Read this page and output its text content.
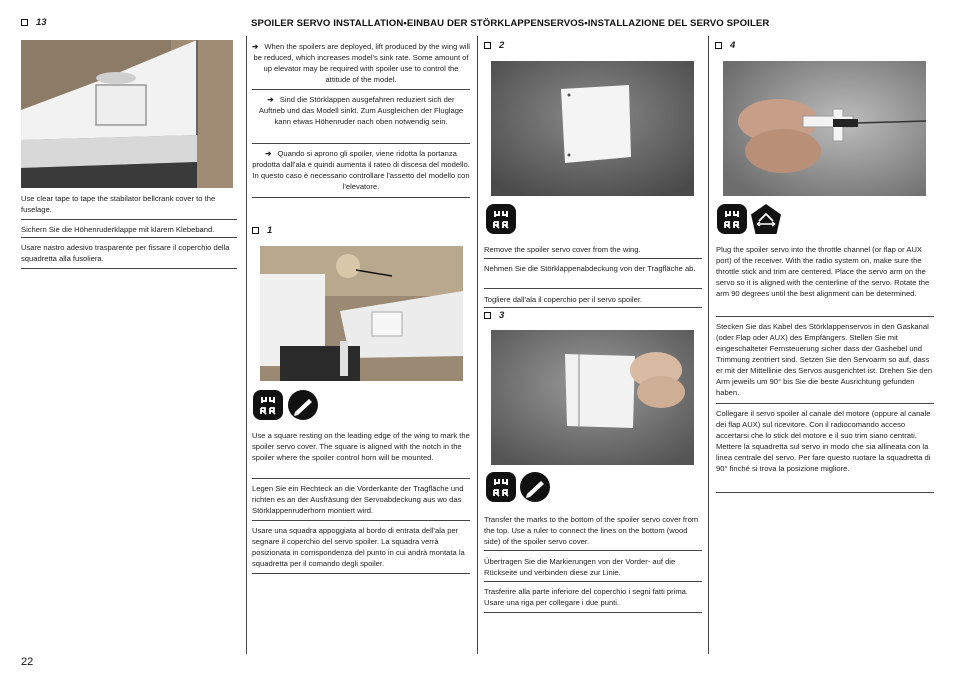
SPOILER SERVO INSTALLATION•EINBAU DER STÖRKLAPPENSERVOS•INSTALLAZIONE DEL SERVO SPOILER
13
Use clear tape to tape the stabilator bellcrank cover to the fuselage.
Sichern Sie die Höhenruderklappe mit klarem Klebeband.
Usare nastro adesivo trasparente per fissare il coperchio della squadretta alla fusoliera.
➔ When the spoilers are deployed, lift produced by the wing will be reduced, which increases model's sink rate. Some amount of up elevator may be required with spoiler use to control the attitude of the model.
➔ Sind die Störklappen ausgefahren reduziert sich der Auftrieb und das Modell sinkt. Zum Ausgleichen der Fluglage kann etwas Höhenruder nach oben notwendig sein.
➔ Quando si aprono gli spoiler, viene ridotta la portanza prodotta dall'ala e quindi aumenta il rateo di discesa del modello. In questo caso è necessario controllare l'assetto del modello con l'elevatore.
1
Use a square resting on the leading edge of the wing to mark the spoiler servo cover. The square is aligned with the notch in the spoiler where the spoiler control horn will be mounted.
Legen Sie ein Rechteck an die Vorderkante der Tragfläche und richten es an der Ausfräsung der Servoabdeckung aus wo das Störklappenruderhorn montiert wird.
Usare una squadra appoggiata al bordo di entrata dell'ala per segnare il coperchio del servo spoiler. La squadra verrà posizionata in corrispondenza del punto in cui andrà montata la squadretta per il comando degli spoiler.
2
Remove the spoiler servo cover from the wing.
Nehmen Sie die Störklappenabdeckung von der Tragfläche ab.
Togliere dall'ala il coperchio per il servo spoiler.
3
Transfer the marks to the bottom of the spoiler servo cover from the top. Use a ruler to connect the lines on the bottom (wood side) of the spoiler servo cover.
Übertragen Sie die Markierungen von der Vorder- auf die Rückseite und verbinden diese zur Linie.
Trasferire alla parte inferiore del coperchio i segni fatti prima. Usare una riga per collegare i due punti.
4
Plug the spoiler servo into the throttle channel (or flap or AUX port) of the receiver. With the radio system on, make sure the throttle stick and trim are centered. Place the servo arm on the servo so it is aligned with the centerline of the servo. Rotate the arm 90 degrees until the best alignment can be determined.
Stecken Sie das Kabel des Störklappenservos in den Gaskanal (oder Flap oder AUX) des Empfängers. Stellen Sie mit eingeschalteter Fernsteuerung sicher dass der Gashebel und Trimmung zentriert sind. Setzen Sie den Servoarm so auf, dass er mit der Mittellinie des Servos ausgerichtet ist. Drehen Sie den Arm jeweils um 90° bis Sie die beste Ausrichtung gefunden haben.
Collegare il servo spoiler al canale del motore (oppure al canale dei flap AUX) sul ricevitore. Con il radiocomando acceso accertarsi che lo stick del motore e il suo trim siano centrati. Mettere la squadretta sul servo in modo che sia allineata con la linea centrale del servo. Per fare questo ruotare la squadretta di 90° finché si trova la posizione migliore.
22
